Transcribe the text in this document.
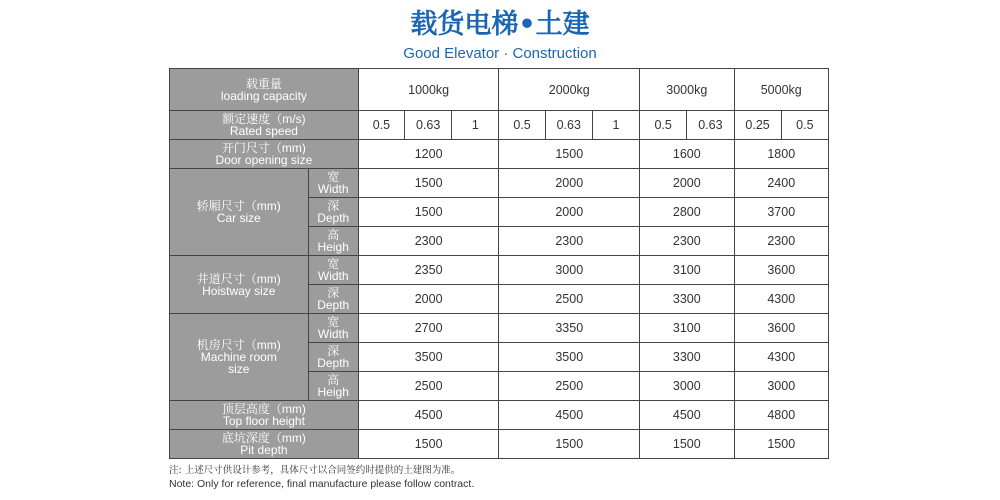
载货电梯•土建
Good Elevator · Construction
载重量
loading capacity		1000kg			2000kg			3000kg		5000kg	

额定速度（m/s)
Rated speed		0.5	0.63	1	0.5	0.63	1	0.5	0.63	0.25	0.5

开门尺寸（mm)
Door opening size		1200			1500			1600		1800	

轿厢尺寸（mm)
Car size	宽
Width	1500			2000			2000		2400	

	深
Depth	1500			2000			2800		3700	

	高
Heigh	2300			2300			2300		2300	

井道尺寸（mm)
Hoistway size	宽
Width	2350			3000			3100		3600	

	深
Depth	2000			2500			3300		4300	

机房尺寸（mm)
Machine room
size	宽
Width	2700			3350			3100		3600	

	深
Depth	3500			3500			3300		4300	

	高
Heigh	2500			2500			3000		3000	

顶层高度（mm)
Top floor height		4500			4500			4500		4800	

底坑深度（mm)
Pit depth		1500			1500			1500		1500	
注: 上述尺寸供设计参考，具体尺寸以合同签约时提供的土建图为准。
Note: Only for reference, final manufacture please follow contract.
